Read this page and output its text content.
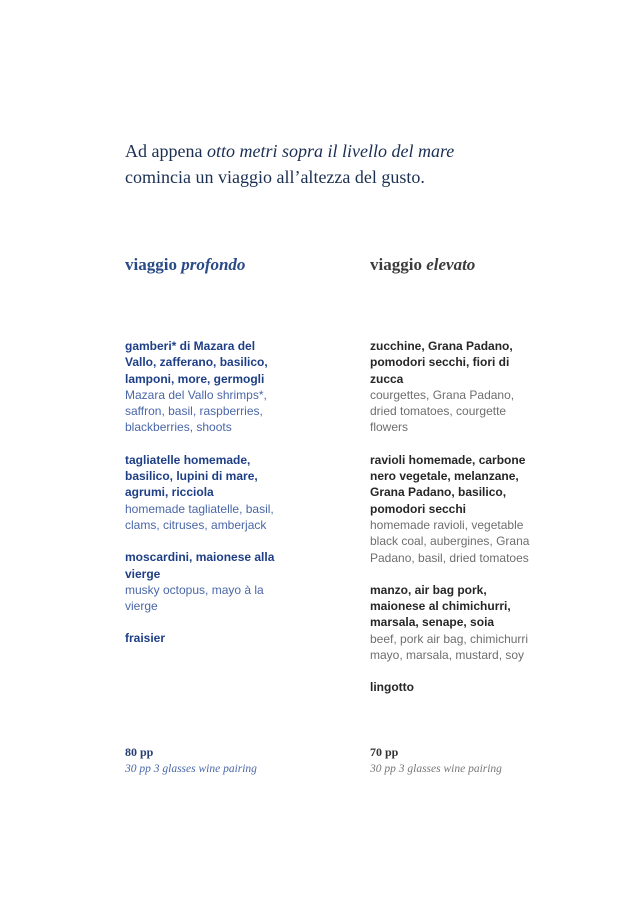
Ad appena otto metri sopra il livello del mare
comincia un viaggio all’altezza del gusto.
viaggio profondo
gamberi* di Mazara del Vallo, zafferano, basilico, lamponi, more, germogli
Mazara del Vallo shrimps*, saffron, basil, raspberries, blackberries, shoots
tagliatelle homemade, basilico, lupini di mare, agrumi, ricciola
homemade tagliatelle, basil, clams, citruses, amberjack
moscardini, maionese alla vierge
musky octopus, mayo à la vierge
fraisier
80 pp
30 pp 3 glasses wine pairing
viaggio elevato
zucchine, Grana Padano, pomodori secchi, fiori di zucca
courgettes, Grana Padano, dried tomatoes, courgette flowers
ravioli homemade, carbone nero vegetale, melanzane, Grana Padano, basilico, pomodori secchi
homemade ravioli, vegetable black coal, aubergines, Grana Padano, basil, dried tomatoes
manzo, air bag pork, maionese al chimichurri, marsala, senape, soia
beef, pork air bag, chimichurri mayo, marsala, mustard, soy
lingotto
70 pp
30 pp 3 glasses wine pairing
